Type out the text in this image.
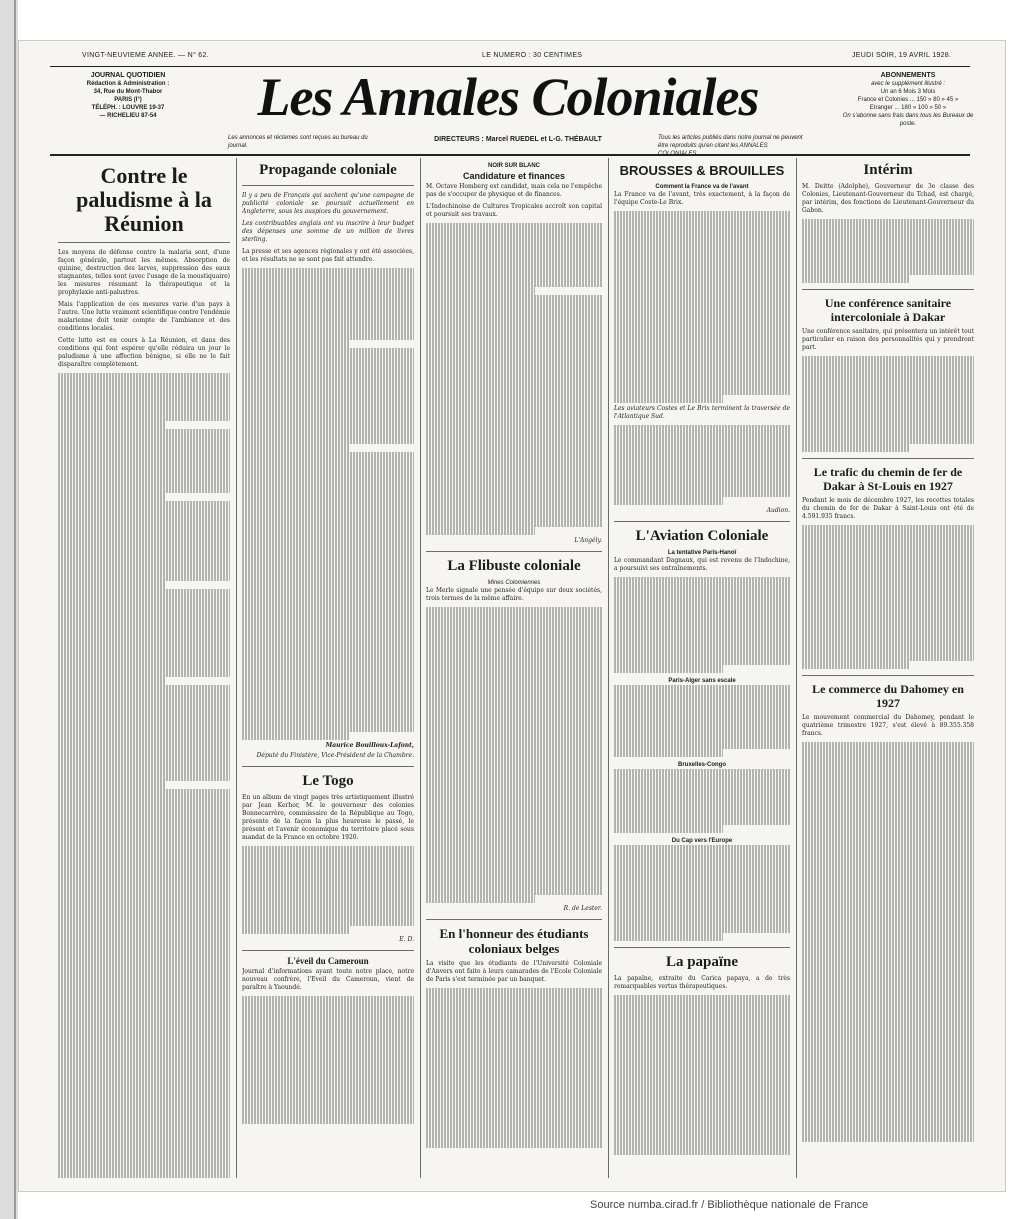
VINGT-NEUVIEME ANNEE. — N° 62.	LE NUMERO : 30 CENTIMES	JEUDI SOIR, 19 AVRIL 1928.
JOURNAL QUOTIDIEN
Rédaction & Administration :
34, Rue du Mont-Thabor
PARIS (I°)
TÉLÉPH. : LOUVRE 19-37
— RICHELIEU 87-54	Les Annales Coloniales
Les annonces et réclames sont reçues au bureau du journal.
DIRECTEURS : Marcel RUEDEL et L-G. THÉBAULT	Tous les articles publiés dans notre journal ne peuvent être reproduits qu'en citant les ANNALES COLONIALES.
ABONNEMENTS
avec le supplément illustré :
Un an 6 Mois 3 Mois
France et Colonies ... 150 » 80 » 45 »
Etranger ... 180 » 100 » 50 »
On s'abonne sans frais dans tous les Bureaux de poste.
Contre le paludisme à la Réunion

Les moyens de défense contre la malaria sont, d'une façon générale, partout les mêmes. Absorption de quinine, destruction des larves, suppression des eaux stagnantes, telles sont (avec l'usage de la moustiquaire) les mesures résumant la thérapeutique et la prophylaxie anti-palustres.

Mais l'application de ces mesures varie d'un pays à l'autre. Une lutte vraiment scientifique contre l'endémie malarienne doit tenir compte de l'ambiance et des conditions locales.

Cette lutte est en cours à La Réunion, et dans des conditions qui font espérer qu'elle réduira un jour le paludisme à une affection bénigne, si elle ne le fait disparaître complètement.

Propagande coloniale

Il y a peu de Français qui sachent qu'une campagne de publicité coloniale se poursuit actuellement en Angleterre, sous les auspices du gouvernement.

Les contribuables anglais ont vu inscrire à leur budget des dépenses une somme de un million de livres sterling.

La presse et ses agences régionales y ont été associées, et les résultats ne se sont pas fait attendre.

Maurice Bouilloux-Lafont,
Député du Finistère, Vice-Président de la Chambre.
Le Togo

En un album de vingt pages très artistiquement illustré par Jean Kerhor, M. le gouverneur des colonies Bonnecarrère, commissaire de la République au Togo, présente de la façon la plus heureuse le passé, le présent et l'avenir économique du territoire placé sous mandat de la France en octobre 1920.

E. D.
L'éveil du Cameroun

Journal d'informations ayant toute notre place, notre nouveau confrère, l'Eveil du Cameroun, vient de paraître à Yaoundé.

NOIR SUR BLANC
Candidature et finances

M. Octave Homberg est candidat, mais cela ne l'empêche pas de s'occuper de physique et de finances.

L'Indochinoise de Cultures Tropicales accroît son capital et poursuit ses travaux.

L'Angély.
La Flibuste coloniale
Mines Colomiennes

Le Merle signale une pensée d'équipe sur deux sociétés, trois termes de la même affaire.

R. de Lester.
En l'honneur des étudiants coloniaux belges

La visite que les étudiants de l'Université Coloniale d'Anvers ont faite à leurs camarades de l'Ecole Coloniale de Paris s'est terminée par un banquet.

BROUSSES & BROUILLES
Comment la France va de l'avant

La France va de l'avant, très exactement, à la façon de l'équipe Coste-Le Brix.

Les aviateurs Costes et Le Brix terminent la traversée de l'Atlantique Sud.

Audion.
L'Aviation Coloniale
La tentative Paris-Hanoï

Le commandant Dagnaux, qui est revenu de l'Indochine, a poursuivi ses entraînements.

Paris-Alger sans escale
Bruxelles-Congo
Du Cap vers l'Europe
La papaïne

La papaïne, extraite du Carica papaya, a de très remarquables vertus thérapeutiques.

Intérim

M. Deitte (Adolphe), Gouverneur de 3e classe des Colonies, Lieutenant-Gouverneur du Tchad, est chargé, par intérim, des fonctions de Lieutenant-Gouverneur du Gabon.

Une conférence sanitaire intercoloniale à Dakar

Une conférence sanitaire, qui présentera un intérêt tout particulier en raison des personnalités qui y prendront part.

Le trafic du chemin de fer de Dakar à St-Louis en 1927

Pendant le mois de décembre 1927, les recettes totales du chemin de fer de Dakar à Saint-Louis ont été de 4.591.935 francs.

Le commerce du Dahomey en 1927

Le mouvement commercial du Dahomey, pendant le quatrième trimestre 1927, s'est élevé à 89.355.358 francs.

Source numba.cirad.fr / Bibliothèque nationale de France
